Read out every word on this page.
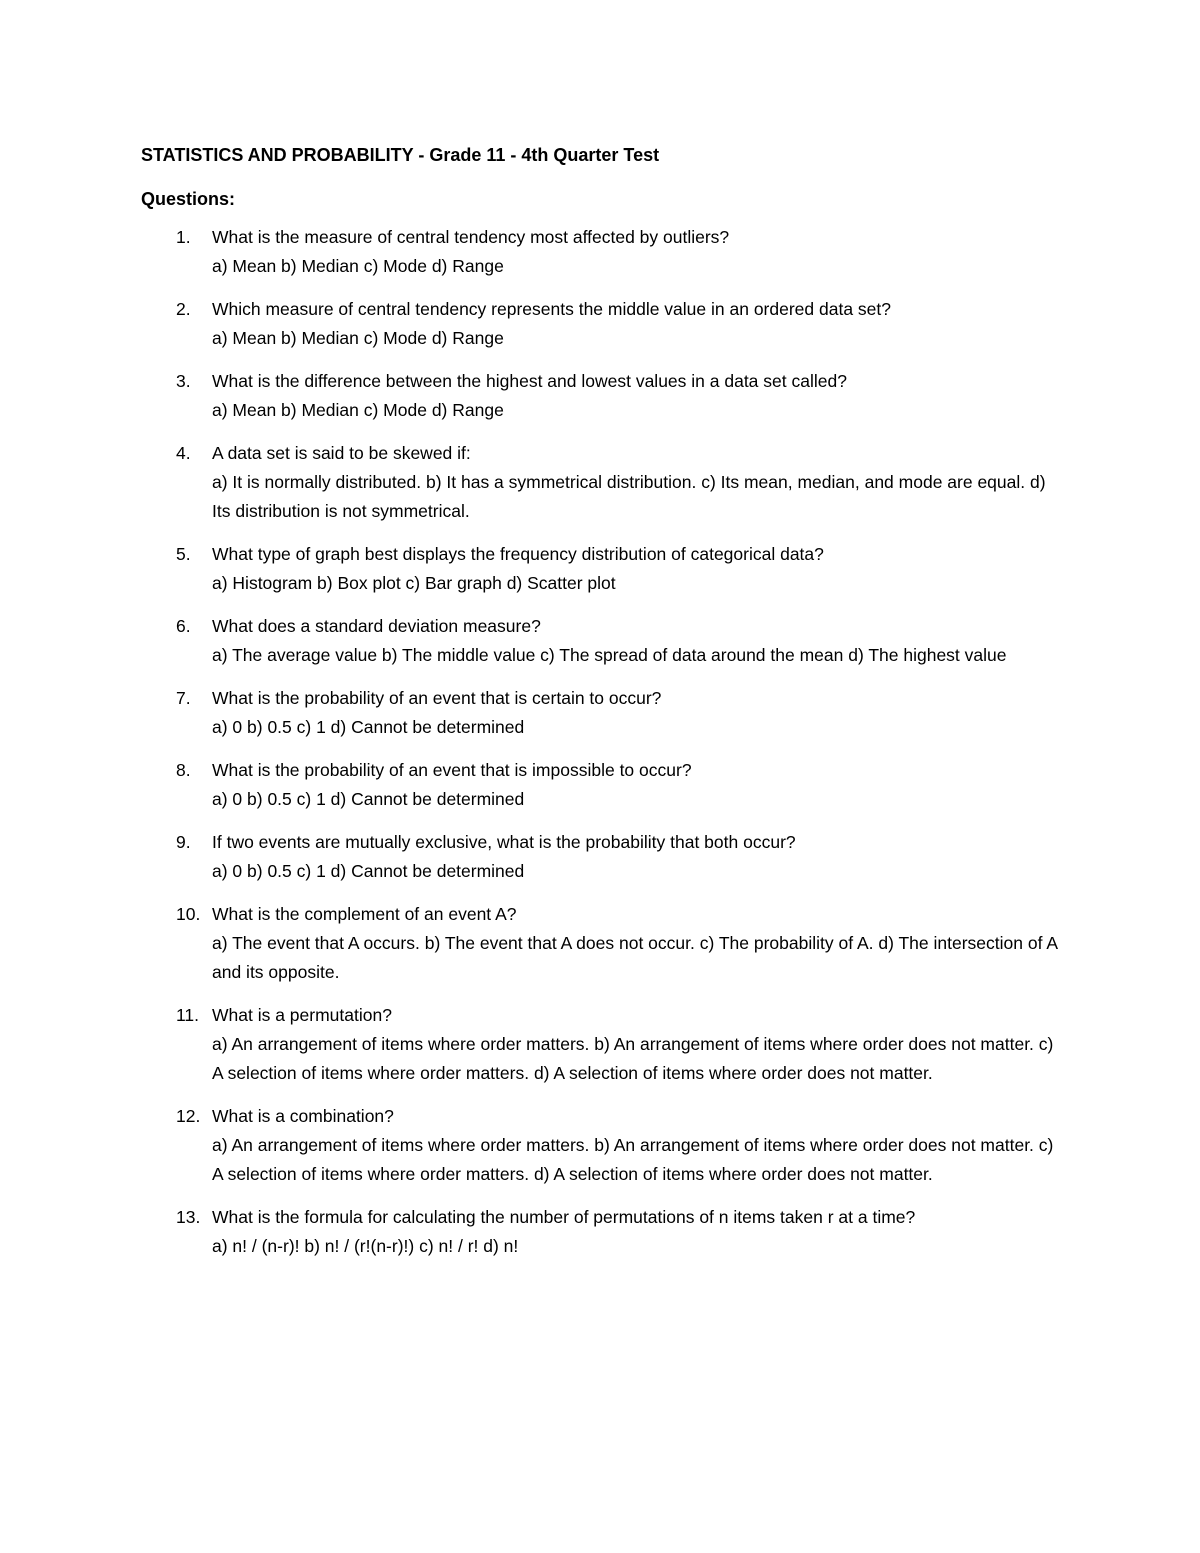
STATISTICS AND PROBABILITY - Grade 11 - 4th Quarter Test
Questions:
1.	What is the measure of central tendency most affected by outliers?
a) Mean b) Median c) Mode d) Range
2.	Which measure of central tendency represents the middle value in an ordered data set?
a) Mean b) Median c) Mode d) Range
3.	What is the difference between the highest and lowest values in a data set called?
a) Mean b) Median c) Mode d) Range
4.	A data set is said to be skewed if:
a) It is normally distributed. b) It has a symmetrical distribution. c) Its mean, median, and mode are equal. d) Its distribution is not symmetrical.
5.	What type of graph best displays the frequency distribution of categorical data?
a) Histogram b) Box plot c) Bar graph d) Scatter plot
6.	What does a standard deviation measure?
a) The average value b) The middle value c) The spread of data around the mean d) The highest value
7.	What is the probability of an event that is certain to occur?
a) 0 b) 0.5 c) 1 d) Cannot be determined
8.	What is the probability of an event that is impossible to occur?
a) 0 b) 0.5 c) 1 d) Cannot be determined
9.	If two events are mutually exclusive, what is the probability that both occur?
a) 0 b) 0.5 c) 1 d) Cannot be determined
10. What is the complement of an event A?
a) The event that A occurs. b) The event that A does not occur. c) The probability of A. d) The intersection of A and its opposite.
11. What is a permutation?
a) An arrangement of items where order matters. b) An arrangement of items where order does not matter. c) A selection of items where order matters. d) A selection of items where order does not matter.
12. What is a combination?
a) An arrangement of items where order matters. b) An arrangement of items where order does not matter. c) A selection of items where order matters. d) A selection of items where order does not matter.
13. What is the formula for calculating the number of permutations of n items taken r at a time?
a) n! / (n-r)! b) n! / (r!(n-r)!) c) n! / r! d) n!
